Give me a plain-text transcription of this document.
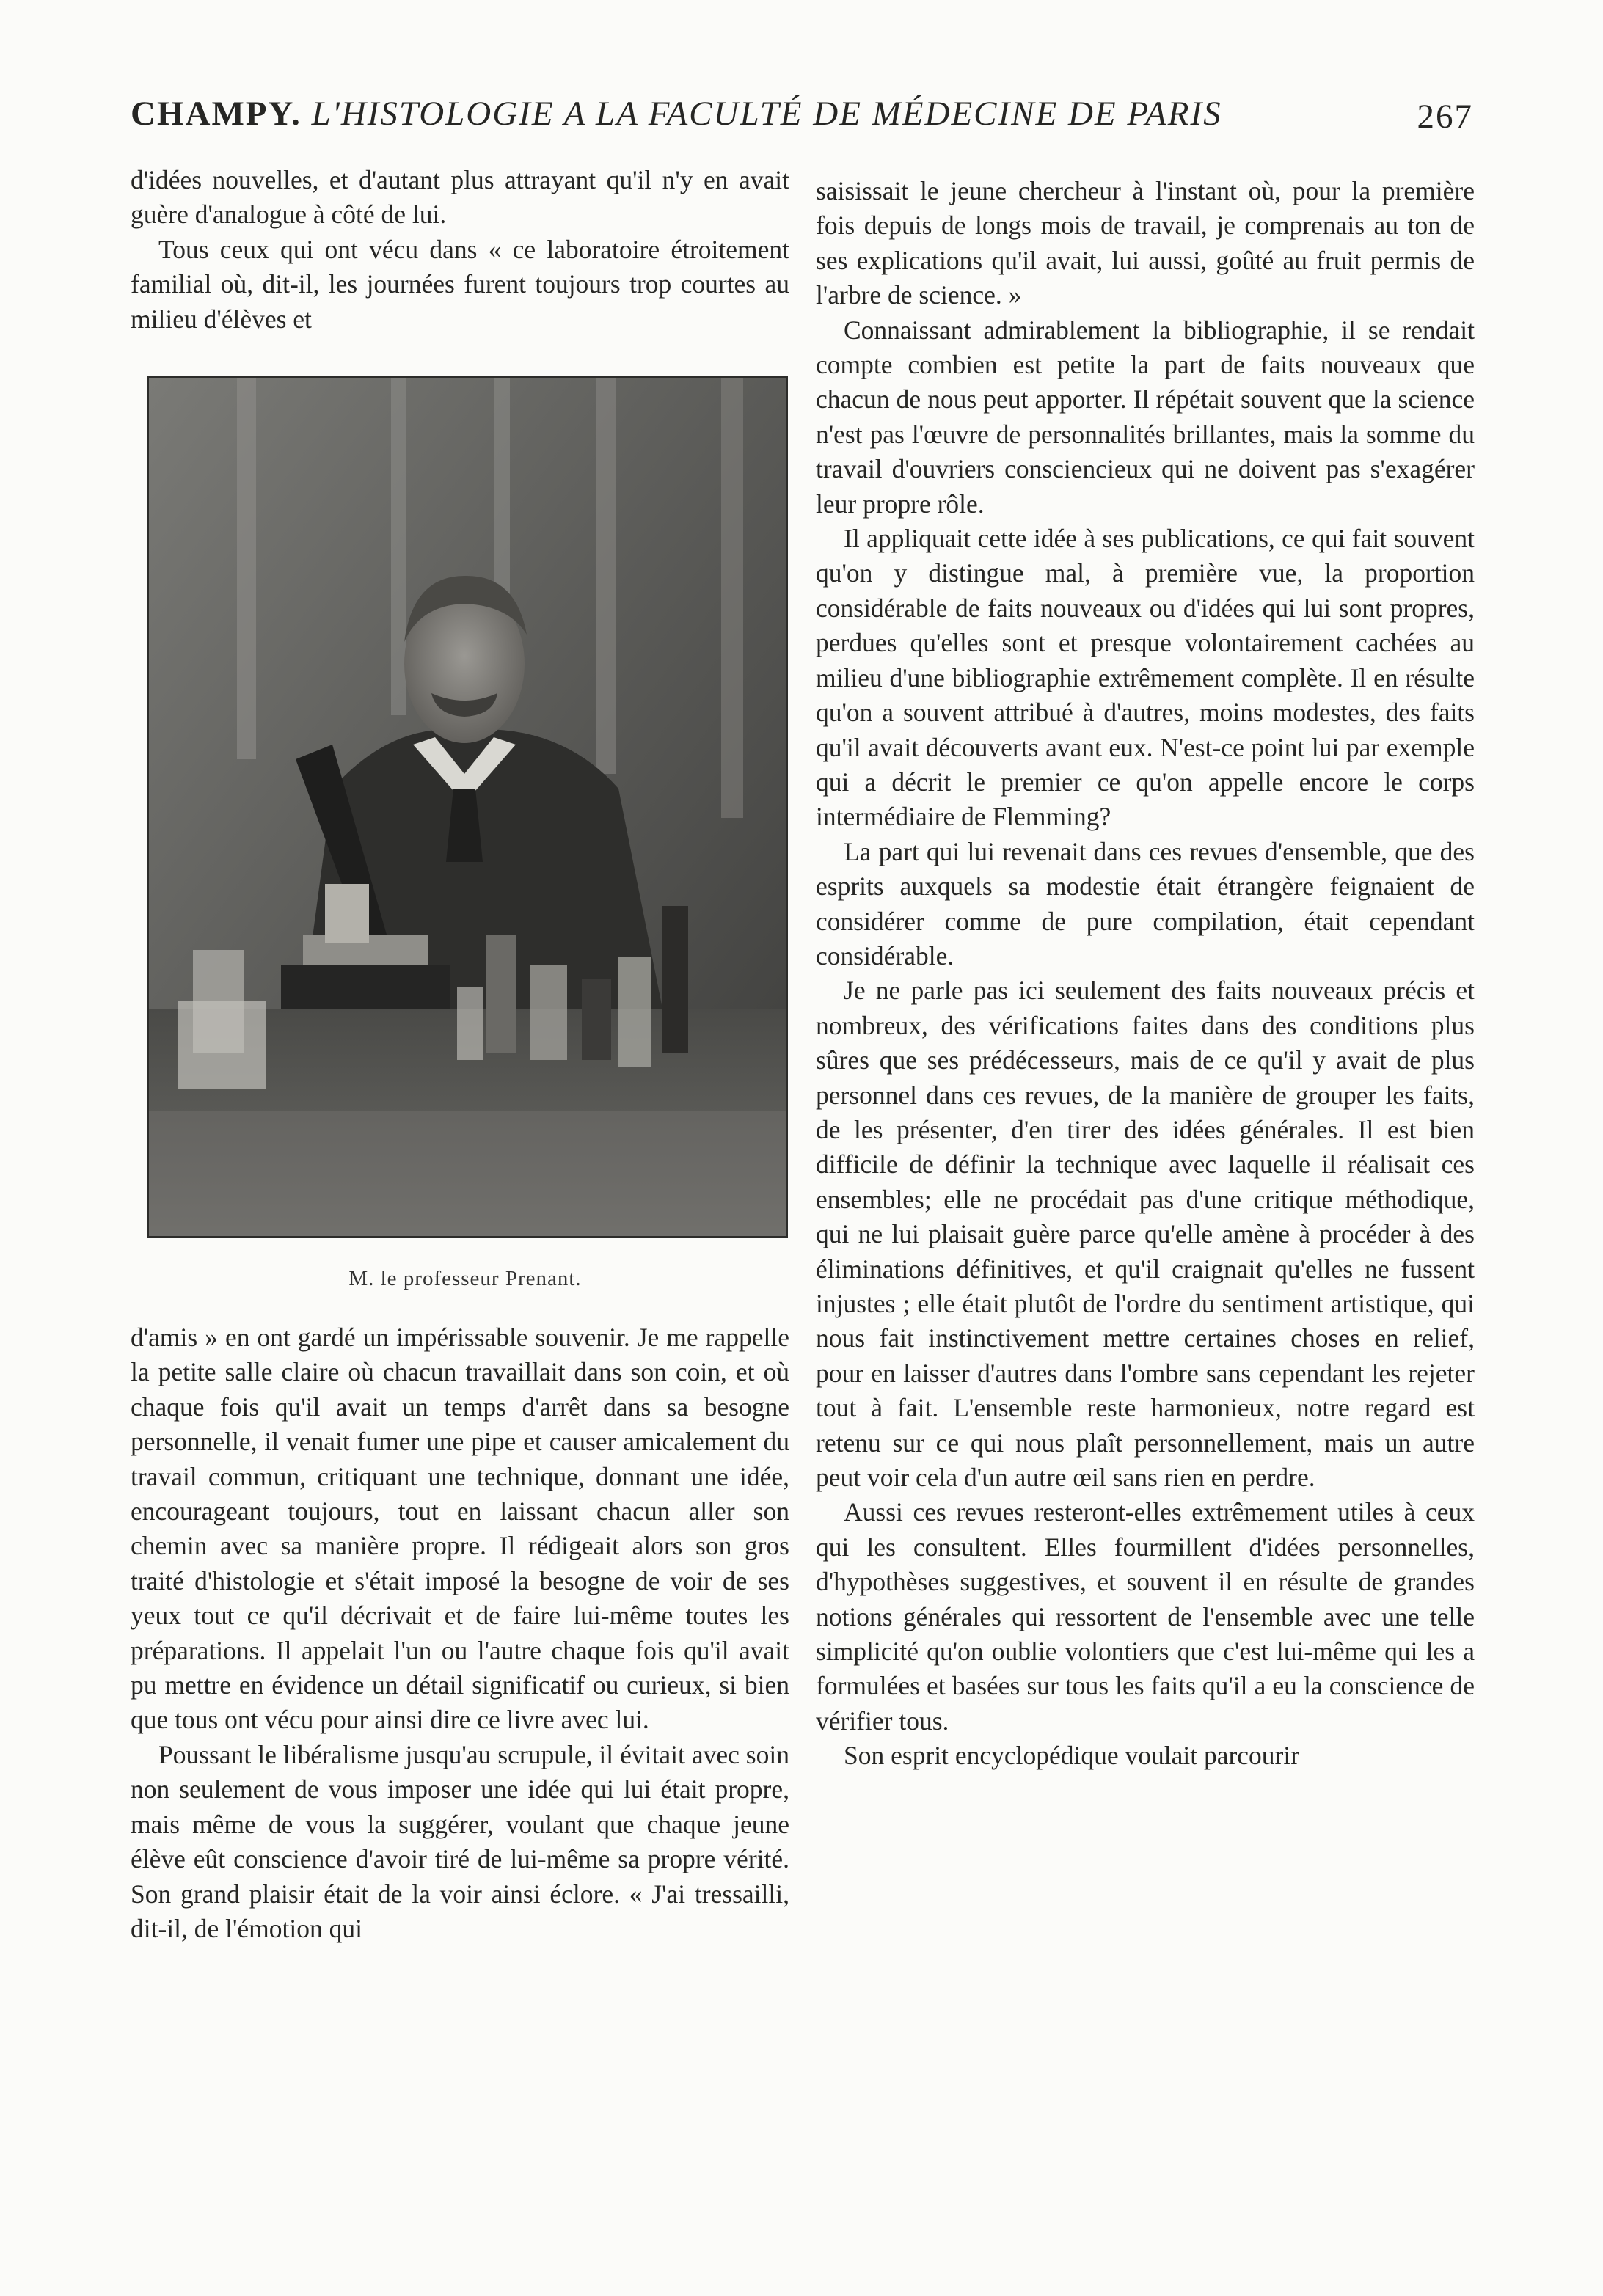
CHAMPY. L'HISTOLOGIE A LA FACULTÉ DE MÉDECINE DE PARIS	267

d'idées nouvelles, et d'autant plus attrayant qu'il n'y en avait guère d'analogue à côté de lui.

Tous ceux qui ont vécu dans « ce laboratoire étroitement familial où, dit-il, les journées furent toujours trop courtes au milieu d'élèves et

M. le professeur Prenant.

d'amis » en ont gardé un impérissable souvenir. Je me rappelle la petite salle claire où chacun travaillait dans son coin, et où chaque fois qu'il avait un temps d'arrêt dans sa besogne personnelle, il venait fumer une pipe et causer amicalement du travail commun, critiquant une technique, donnant une idée, encourageant toujours, tout en laissant chacun aller son chemin avec sa manière propre. Il rédigeait alors son gros traité d'histologie et s'était imposé la besogne de voir de ses yeux tout ce qu'il décrivait et de faire lui-même toutes les préparations. Il appelait l'un ou l'autre chaque fois qu'il avait pu mettre en évidence un détail significatif ou curieux, si bien que tous ont vécu pour ainsi dire ce livre avec lui.

Poussant le libéralisme jusqu'au scrupule, il évitait avec soin non seulement de vous imposer une idée qui lui était propre, mais même de vous la suggérer, voulant que chaque jeune élève eût conscience d'avoir tiré de lui-même sa propre vérité. Son grand plaisir était de la voir ainsi éclore. « J'ai tressailli, dit-il, de l'émotion qui

saisissait le jeune chercheur à l'instant où, pour la première fois depuis de longs mois de travail, je comprenais au ton de ses explications qu'il avait, lui aussi, goûté au fruit permis de l'arbre de science. »

Connaissant admirablement la bibliographie, il se rendait compte combien est petite la part de faits nouveaux que chacun de nous peut apporter. Il répétait souvent que la science n'est pas l'œuvre de personnalités brillantes, mais la somme du travail d'ouvriers consciencieux qui ne doivent pas s'exagérer leur propre rôle.

Il appliquait cette idée à ses publications, ce qui fait souvent qu'on y distingue mal, à première vue, la proportion considérable de faits nouveaux ou d'idées qui lui sont propres, perdues qu'elles sont et presque volontairement cachées au milieu d'une bibliographie extrêmement complète. Il en résulte qu'on a souvent attribué à d'autres, moins modestes, des faits qu'il avait découverts avant eux. N'est-ce point lui par exemple qui a décrit le premier ce qu'on appelle encore le corps intermédiaire de Flemming?

La part qui lui revenait dans ces revues d'ensemble, que des esprits auxquels sa modestie était étrangère feignaient de considérer comme de pure compilation, était cependant considérable.

Je ne parle pas ici seulement des faits nouveaux précis et nombreux, des vérifications faites dans des conditions plus sûres que ses prédécesseurs, mais de ce qu'il y avait de plus personnel dans ces revues, de la manière de grouper les faits, de les présenter, d'en tirer des idées générales. Il est bien difficile de définir la technique avec laquelle il réalisait ces ensembles; elle ne procédait pas d'une critique méthodique, qui ne lui plaisait guère parce qu'elle amène à procéder à des éliminations définitives, et qu'il craignait qu'elles ne fussent injustes ; elle était plutôt de l'ordre du sentiment artistique, qui nous fait instinctivement mettre certaines choses en relief, pour en laisser d'autres dans l'ombre sans cependant les rejeter tout à fait. L'ensemble reste harmonieux, notre regard est retenu sur ce qui nous plaît personnellement, mais un autre peut voir cela d'un autre œil sans rien en perdre.

Aussi ces revues resteront-elles extrêmement utiles à ceux qui les consultent. Elles fourmillent d'idées personnelles, d'hypothèses suggestives, et souvent il en résulte de grandes notions générales qui ressortent de l'ensemble avec une telle simplicité qu'on oublie volontiers que c'est lui-même qui les a formulées et basées sur tous les faits qu'il a eu la conscience de vérifier tous.

Son esprit encyclopédique voulait parcourir
